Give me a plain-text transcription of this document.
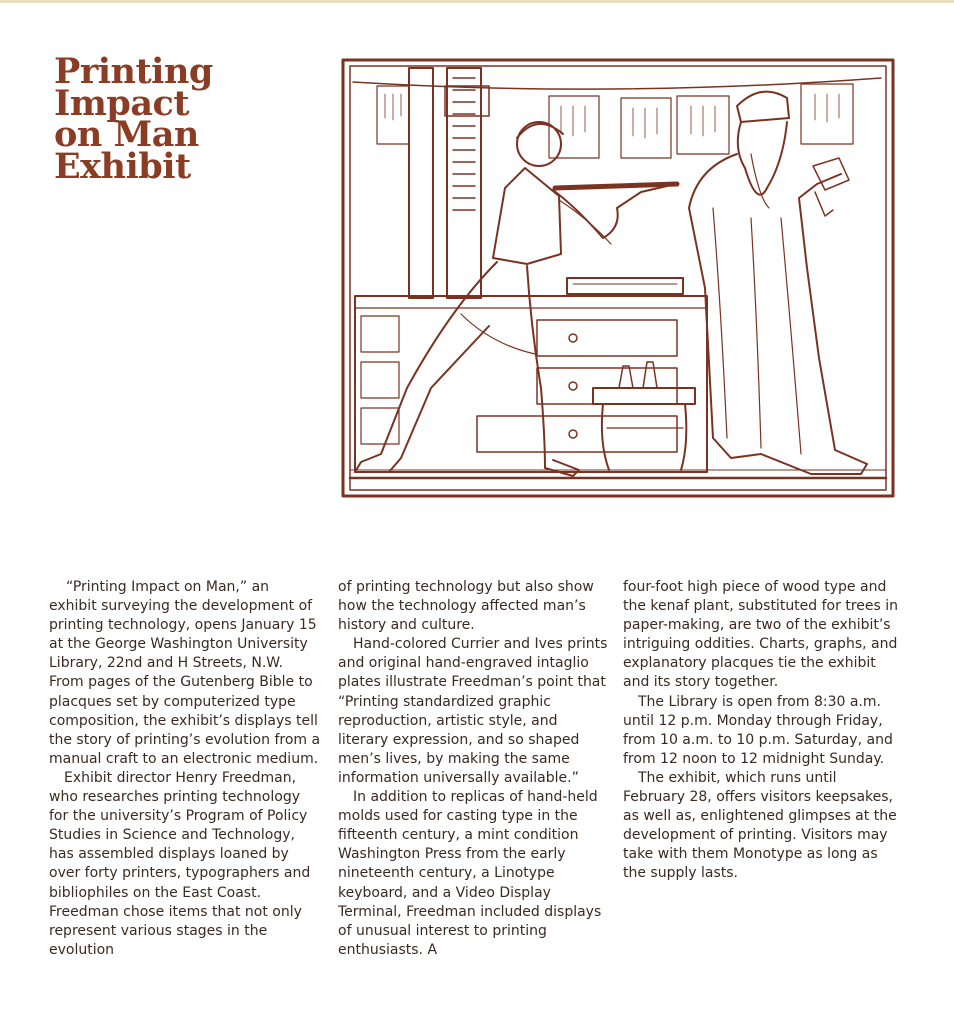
Printing
Impact
on Man
Exhibit

“Printing Impact on Man,” an exhibit surveying the development of printing technology, opens January 15 at the George Washington University Library, 22nd and H Streets, N.W. From pages of the Gutenberg Bible to placques set by computerized type composition, the exhibit’s displays tell the story of printing’s evolution from a manual craft to an electronic medium.

Exhibit director Henry Freedman, who researches printing technology for the university’s Program of Policy Studies in Science and Technology, has assembled displays loaned by over forty printers, typographers and bibliophiles on the East Coast. Freedman chose items that not only represent various stages in the evolution

of printing technology but also show how the technology affected man’s history and culture.

Hand-colored Currier and Ives prints and original hand-engraved intaglio plates illustrate Freedman’s point that “Printing standardized graphic reproduction, artistic style, and literary expression, and so shaped men’s lives, by making the same information universally available.”

In addition to replicas of hand-held molds used for casting type in the fifteenth century, a mint condition Washington Press from the early nineteenth century, a Linotype keyboard, and a Video Display Terminal, Freedman included displays of unusual interest to printing enthusiasts. A

four-foot high piece of wood type and the kenaf plant, substituted for trees in paper-making, are two of the exhibit’s intriguing oddities. Charts, graphs, and explanatory placques tie the exhibit and its story together.

The Library is open from 8:30 a.m. until 12 p.m. Monday through Friday, from 10 a.m. to 10 p.m. Saturday, and from 12 noon to 12 midnight Sunday.

The exhibit, which runs until February 28, offers visitors keepsakes, as well as, enlightened glimpses at the development of printing. Visitors may take with them Monotype as long as the supply lasts.
